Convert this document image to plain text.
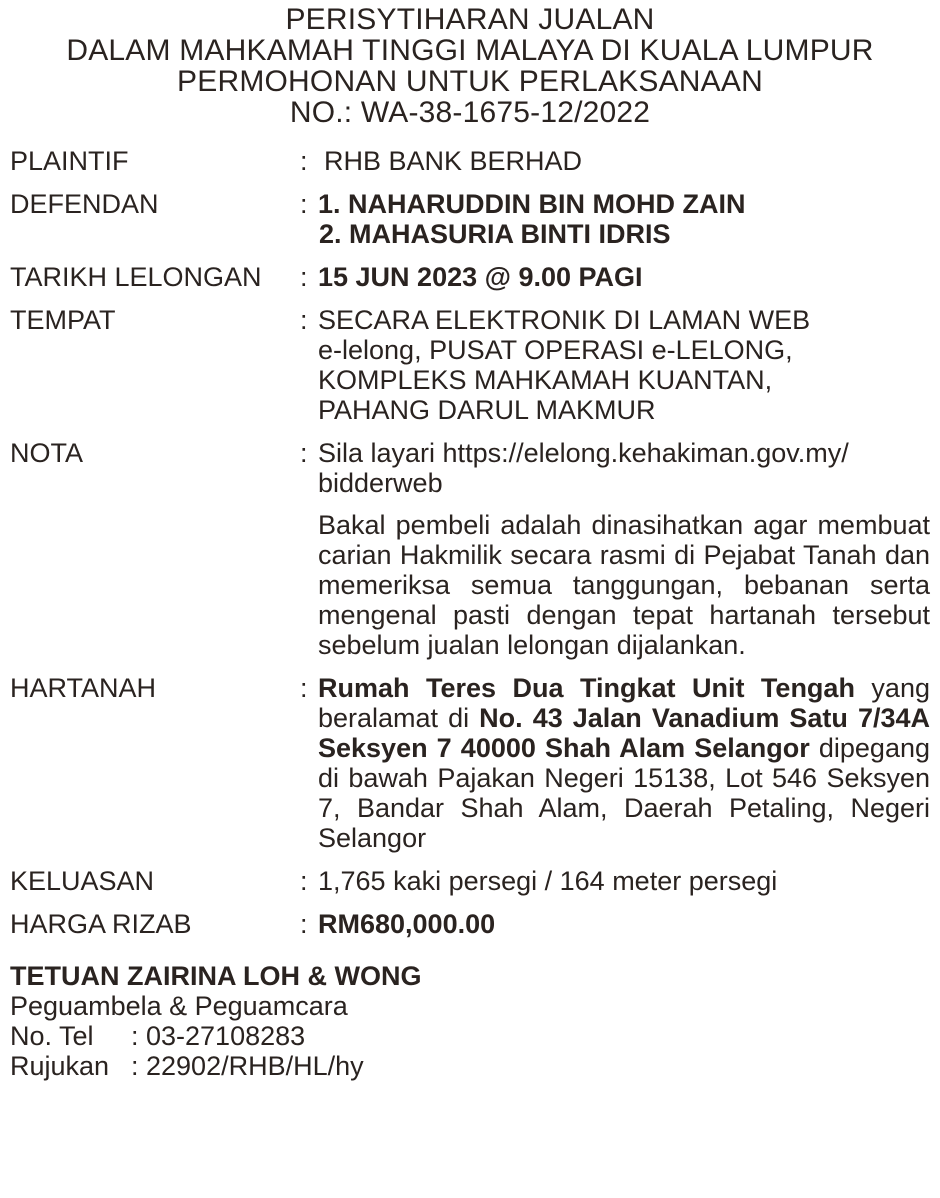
PERISYTIHARAN JUALAN
DALAM MAHKAMAH TINGGI MALAYA DI KUALA LUMPUR
PERMOHONAN UNTUK PERLAKSANAAN
NO.: WA-38-1675-12/2022
PLAINTIF	: RHB BANK BERHAD
DEFENDAN	: 1. NAHARUDDIN BIN MOHD ZAIN
2. MAHASURIA BINTI IDRIS
TARIKH LELONGAN	: 15 JUN 2023 @ 9.00 PAGI
TEMPAT	: SECARA ELEKTRONIK DI LAMAN WEB
e-lelong, PUSAT OPERASI e-LELONG,
KOMPLEKS MAHKAMAH KUANTAN,
PAHANG DARUL MAKMUR
NOTA	: Sila layari https://elelong.kehakiman.gov.my/
bidderweb
Bakal pembeli adalah dinasihatkan agar membuat carian Hakmilik secara rasmi di Pejabat Tanah dan memeriksa semua tanggungan, bebanan serta mengenal pasti dengan tepat hartanah tersebut sebelum jualan lelongan dijalankan.
HARTANAH	: Rumah Teres Dua Tingkat Unit Tengah yang beralamat di No. 43 Jalan Vanadium Satu 7/34A Seksyen 7 40000 Shah Alam Selangor dipegang di bawah Pajakan Negeri 15138, Lot 546 Seksyen 7, Bandar Shah Alam, Daerah Petaling, Negeri Selangor
KELUASAN	: 1,765 kaki persegi / 164 meter persegi
HARGA RIZAB	: RM680,000.00
TETUAN ZAIRINA LOH & WONG
Peguambela & Peguamcara
No. Tel	: 03-27108283
Rujukan : 22902/RHB/HL/hy
